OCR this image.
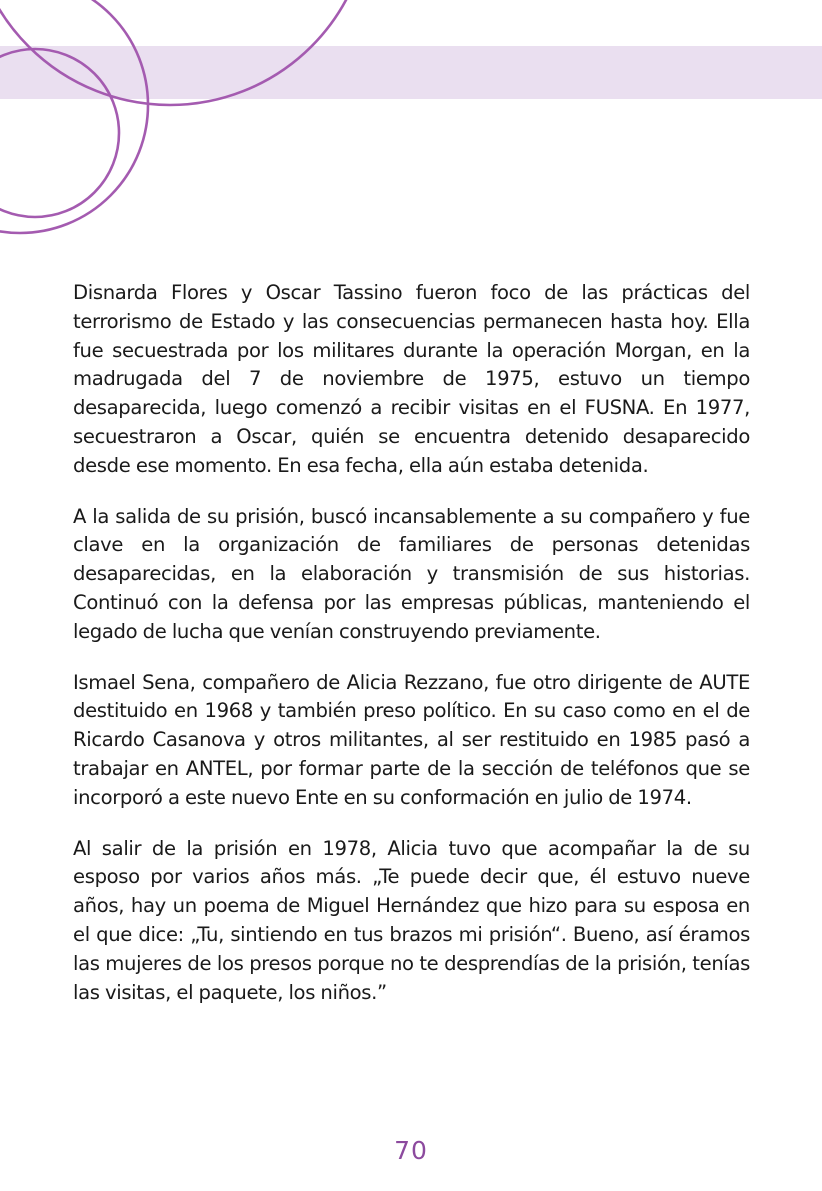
Disnarda Flores y Oscar Tassino fueron foco de las prácticas del terrorismo de Estado y las consecuencias permanecen hasta hoy. Ella fue secuestrada por los militares durante la operación Morgan, en la madrugada del 7 de noviembre de 1975, estuvo un tiempo desaparecida, luego comenzó a recibir visitas en el FUSNA. En 1977, secuestraron a Oscar, quién se encuentra detenido desaparecido desde ese momento. En esa fecha, ella aún estaba detenida.

A la salida de su prisión, buscó incansablemente a su compañero y fue clave en la organización de familiares de personas detenidas desaparecidas, en la elaboración y transmisión de sus historias. Continuó con la defensa por las empresas públicas, manteniendo el legado de lucha que venían construyendo previamente.

Ismael Sena, compañero de Alicia Rezzano, fue otro dirigente de AUTE destituido en 1968 y también preso político. En su caso como en el de Ricardo Casanova y otros militantes, al ser restituido en 1985 pasó a trabajar en ANTEL, por formar parte de la sección de teléfonos que se incorporó a este nuevo Ente en su conformación en julio de 1974.

Al salir de la prisión en 1978, Alicia tuvo que acompañar la de su esposo por varios años más. „Te puede decir que, él estuvo nueve años, hay un poema de Miguel Hernández que hizo para su esposa en el que dice: „Tu, sintiendo en tus brazos mi prisión“. Bueno, así éramos las mujeres de los presos porque no te desprendías de la prisión, tenías las visitas, el paquete, los niños.”

70
